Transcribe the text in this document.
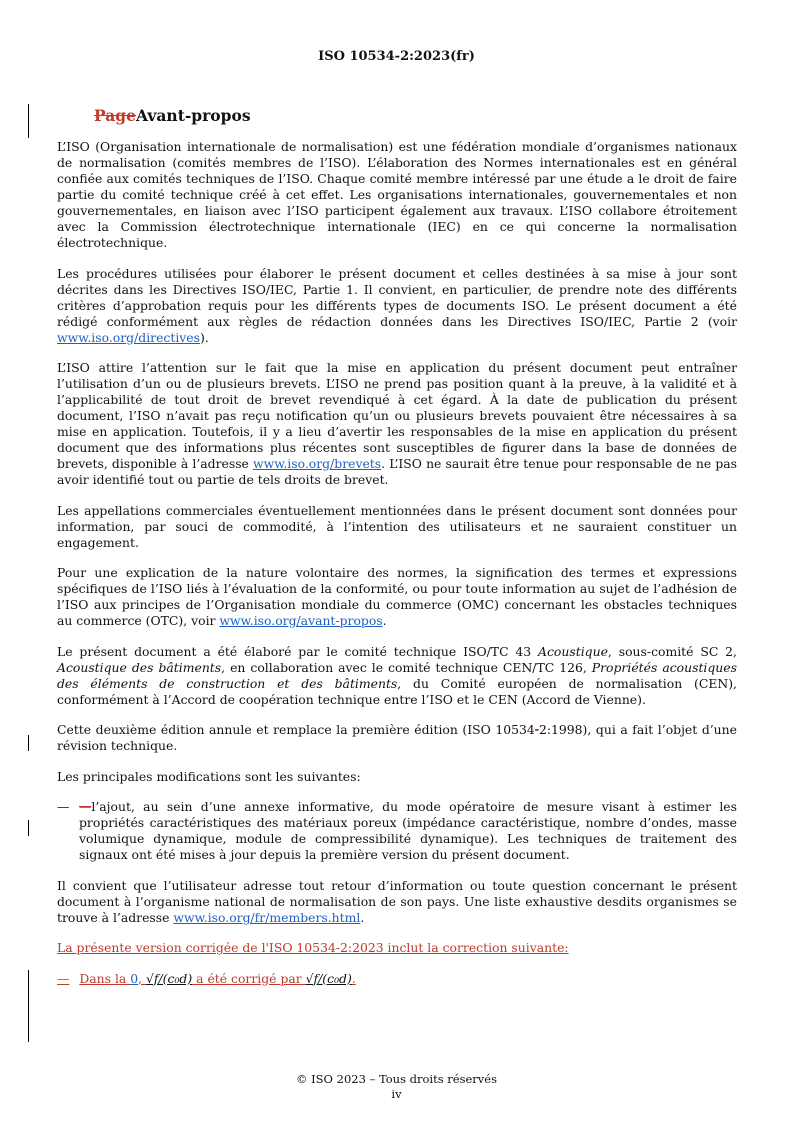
ISO 10534-2:2023(fr)
PageAvant-propos

L’ISO (Organisation internationale de normalisation) est une fédération mondiale d’organismes nationaux de normalisation (comités membres de l’ISO). L’élaboration des Normes internationales est en général confiée aux comités techniques de l’ISO. Chaque comité membre intéressé par une étude a le droit de faire partie du comité technique créé à cet effet. Les organisations internationales, gouvernementales et non gouvernementales, en liaison avec l’ISO participent également aux travaux. L’ISO collabore étroitement avec la Commission électrotechnique internationale (IEC) en ce qui concerne la normalisation électrotechnique.

Les procédures utilisées pour élaborer le présent document et celles destinées à sa mise à jour sont décrites dans les Directives ISO/IEC, Partie 1. Il convient, en particulier, de prendre note des différents critères d’approbation requis pour les différents types de documents ISO. Le présent document a été rédigé conformément aux règles de rédaction données dans les Directives ISO/IEC, Partie 2 (voir www.iso.org/directives).

L’ISO attire l’attention sur le fait que la mise en application du présent document peut entraîner l’utilisation d’un ou de plusieurs brevets. L’ISO ne prend pas position quant à la preuve, à la validité et à l’applicabilité de tout droit de brevet revendiqué à cet égard. À la date de publication du présent document, l’ISO n’avait pas reçu notification qu’un ou plusieurs brevets pouvaient être nécessaires à sa mise en application. Toutefois, il y a lieu d’avertir les responsables de la mise en application du présent document que des informations plus récentes sont susceptibles de figurer dans la base de données de brevets, disponible à l’adresse www.iso.org/brevets. L’ISO ne saurait être tenue pour responsable de ne pas avoir identifié tout ou partie de tels droits de brevet.

Les appellations commerciales éventuellement mentionnées dans le présent document sont données pour information, par souci de commodité, à l’intention des utilisateurs et ne sauraient constituer un engagement.

Pour une explication de la nature volontaire des normes, la signification des termes et expressions spécifiques de l’ISO liés à l’évaluation de la conformité, ou pour toute information au sujet de l’adhésion de l’ISO aux principes de l’Organisation mondiale du commerce (OMC) concernant les obstacles techniques au commerce (OTC), voir www.iso.org/avant-propos.

Le présent document a été élaboré par le comité technique ISO/TC 43 Acoustique, sous-comité SC 2, Acoustique des bâtiments, en collaboration avec le comité technique CEN/TC 126, Propriétés acoustiques des éléments de construction et des bâtiments, du Comité européen de normalisation (CEN), conformément à l’Accord de coopération technique entre l’ISO et le CEN (Accord de Vienne).

Cette deuxième édition annule et remplace la première édition (ISO 10534-2:1998), qui a fait l’objet d’une révision technique.

Les principales modifications sont les suivantes:

— —l’ajout, au sein d’une annexe informative, du mode opératoire de mesure visant à estimer les propriétés caractéristiques des matériaux poreux (impédance caractéristique, nombre d’ondes, masse volumique dynamique, module de compressibilité dynamique). Les techniques de traitement des signaux ont été mises à jour depuis la première version du présent document.

Il convient que l’utilisateur adresse tout retour d’information ou toute question concernant le présent document à l’organisme national de normalisation de son pays. Une liste exhaustive desdits organismes se trouve à l’adresse www.iso.org/fr/members.html.

La présente version corrigée de l'ISO 10534-2:2023 inclut la correction suivante:

— Dans la 0, √f/(c₀d) a été corrigé par √f/(c₀d).
© ISO 2023 – Tous droits réservés
iv
